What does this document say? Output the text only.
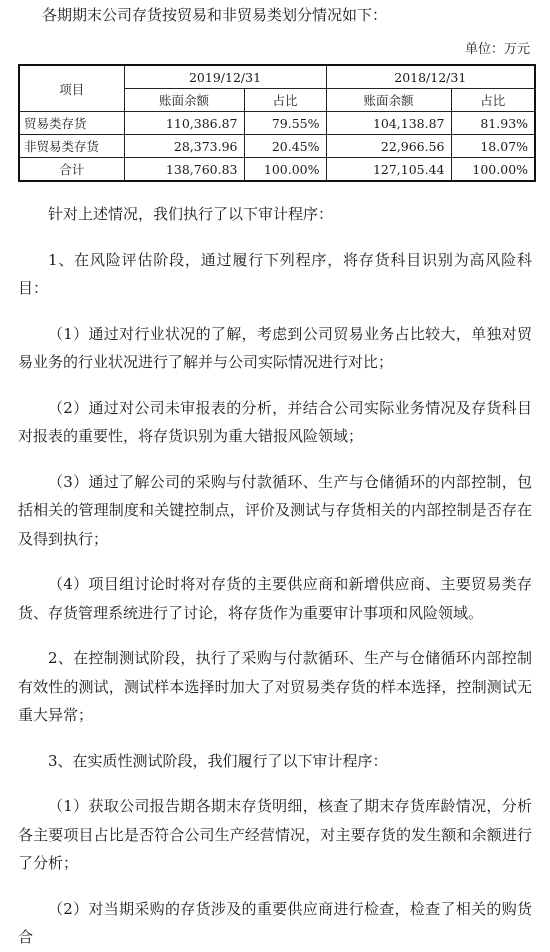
各期期末公司存货按贸易和非贸易类划分情况如下：

单位：万元
项目	2019/12/31		2018/12/31	
	账面余额	占比	账面余额	占比
贸易类存货	110,386.87	79.55%	104,138.87	81.93%
非贸易类存货	28,373.96	20.45%	22,966.56	18.07%
合计	138,760.83	100.00%	127,105.44	100.00%

针对上述情况，我们执行了以下审计程序：

1、在风险评估阶段，通过履行下列程序，将存货科目识别为高风险科目：

（1）通过对行业状况的了解，考虑到公司贸易业务占比较大，单独对贸易业务的行业状况进行了解并与公司实际情况进行对比；

（2）通过对公司未审报表的分析，并结合公司实际业务情况及存货科目对报表的重要性，将存货识别为重大错报风险领域；

（3）通过了解公司的采购与付款循环、生产与仓储循环的内部控制，包括相关的管理制度和关键控制点，评价及测试与存货相关的内部控制是否存在及得到执行；

（4）项目组讨论时将对存货的主要供应商和新增供应商、主要贸易类存货、存货管理系统进行了讨论，将存货作为重要审计事项和风险领域。

2、在控制测试阶段，执行了采购与付款循环、生产与仓储循环内部控制有效性的测试，测试样本选择时加大了对贸易类存货的样本选择，控制测试无重大异常；

3、在实质性测试阶段，我们履行了以下审计程序：

（1）获取公司报告期各期末存货明细，核查了期末存货库龄情况，分析各主要项目占比是否符合公司生产经营情况，对主要存货的发生额和余额进行了分析；

（2）对当期采购的存货涉及的重要供应商进行检查，检查了相关的购货合
